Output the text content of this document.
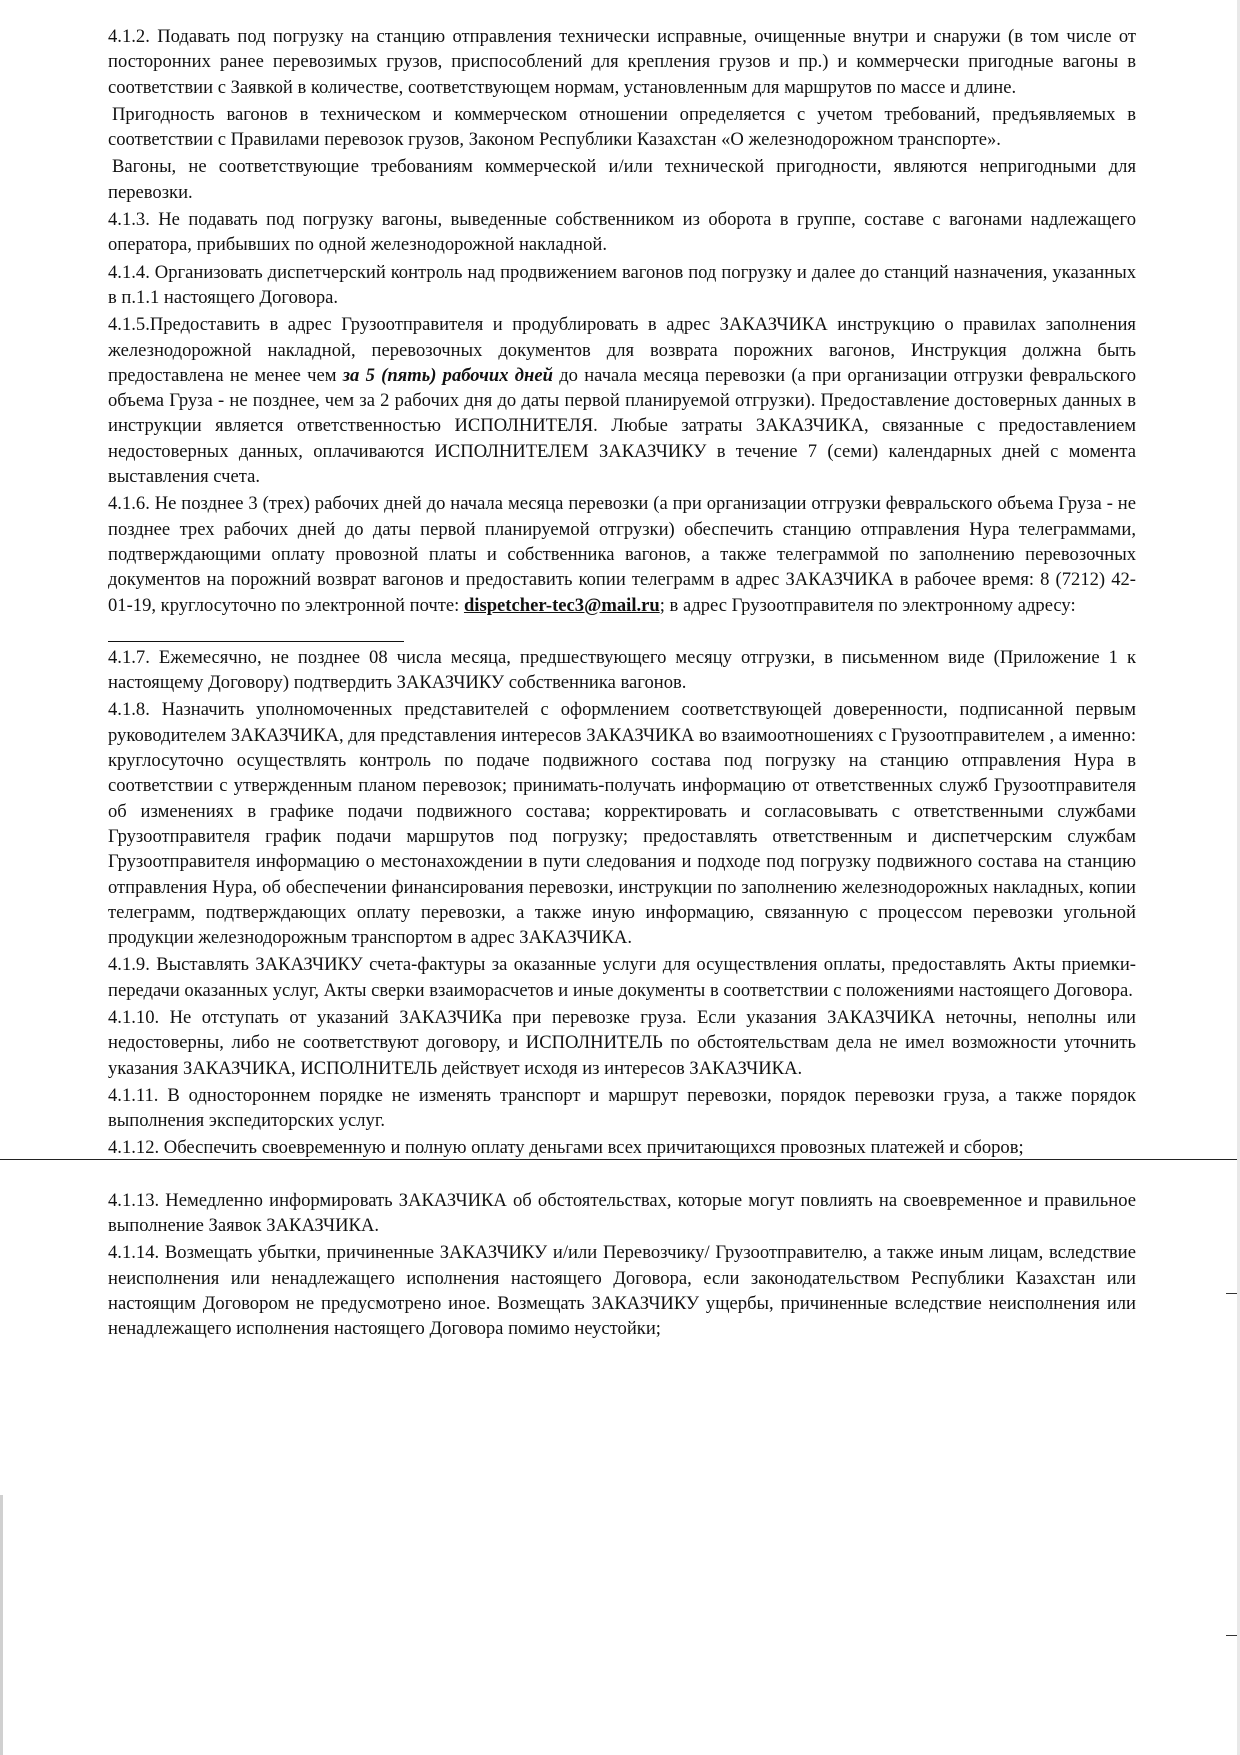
4.1.2. Подавать под погрузку на станцию отправления технически исправные, очищенные внутри и снаружи (в том числе от посторонних ранее перевозимых грузов, приспособлений для крепления грузов и пр.) и коммерчески пригодные вагоны в соответствии с Заявкой в количестве, соответствующем нормам, установленным для маршрутов по массе и длине.

Пригодность вагонов в техническом и коммерческом отношении определяется с учетом требований, предъявляемых в соответствии с Правилами перевозок грузов, Законом Республики Казахстан «О железнодорожном транспорте».

Вагоны, не соответствующие требованиям коммерческой и/или технической пригодности, являются непригодными для перевозки.

4.1.3. Не подавать под погрузку вагоны, выведенные собственником из оборота в группе, составе с вагонами надлежащего оператора, прибывших по одной железнодорожной накладной.

4.1.4. Организовать диспетчерский контроль над продвижением вагонов под погрузку и далее до станций назначения, указанных в п.1.1 настоящего Договора.

4.1.5.Предоставить в адрес Грузоотправителя и продублировать в адрес ЗАКАЗЧИКА инструкцию о правилах заполнения железнодорожной накладной, перевозочных документов для возврата порожних вагонов, Инструкция должна быть предоставлена не менее чем за 5 (пять) рабочих дней до начала месяца перевозки (а при организации отгрузки февральского объема Груза - не позднее, чем за 2 рабочих дня до даты первой планируемой отгрузки). Предоставление достоверных данных в инструкции является ответственностью ИСПОЛНИТЕЛЯ. Любые затраты ЗАКАЗЧИКА, связанные с предоставлением недостоверных данных, оплачиваются ИСПОЛНИТЕЛЕМ ЗАКАЗЧИКУ в течение 7 (семи) календарных дней с момента выставления счета.

4.1.6. Не позднее 3 (трех) рабочих дней до начала месяца перевозки (а при организации отгрузки февральского объема Груза - не позднее трех рабочих дней до даты первой планируемой отгрузки) обеспечить станцию отправления Нура телеграммами, подтверждающими оплату провозной платы и собственника вагонов, а также телеграммой по заполнению перевозочных документов на порожний возврат вагонов и предоставить копии телеграмм в адрес ЗАКАЗЧИКА в рабочее время: 8 (7212) 42-01-19, круглосуточно по электронной почте: dispetcher-tec3@mail.ru; в адрес Грузоотправителя по электронному адресу:

4.1.7. Ежемесячно, не позднее 08 числа месяца, предшествующего месяцу отгрузки, в письменном виде (Приложение 1 к настоящему Договору) подтвердить ЗАКАЗЧИКУ собственника вагонов.

4.1.8. Назначить уполномоченных представителей с оформлением соответствующей доверенности, подписанной первым руководителем ЗАКАЗЧИКА, для представления интересов ЗАКАЗЧИКА во взаимоотношениях с Грузоотправителем , а именно: круглосуточно осуществлять контроль по подаче подвижного состава под погрузку на станцию отправления Нура в соответствии с утвержденным планом перевозок; принимать-получать информацию от ответственных служб Грузоотправителя об изменениях в графике подачи подвижного состава; корректировать и согласовывать с ответственными службами Грузоотправителя график подачи маршрутов под погрузку; предоставлять ответственным и диспетчерским службам Грузоотправителя информацию о местонахождении в пути следования и подходе под погрузку подвижного состава на станцию отправления Нура, об обеспечении финансирования перевозки, инструкции по заполнению железнодорожных накладных, копии телеграмм, подтверждающих оплату перевозки, а также иную информацию, связанную с процессом перевозки угольной продукции железнодорожным транспортом в адрес ЗАКАЗЧИКА.

4.1.9. Выставлять ЗАКАЗЧИКУ счета-фактуры за оказанные услуги для осуществления оплаты, предоставлять Акты приемки-передачи оказанных услуг, Акты сверки взаиморасчетов и иные документы в соответствии с положениями настоящего Договора.

4.1.10. Не отступать от указаний ЗАКАЗЧИКа при перевозке груза. Если указания ЗАКАЗЧИКА неточны, неполны или недостоверны, либо не соответствуют договору, и ИСПОЛНИТЕЛЬ по обстоятельствам дела не имел возможности уточнить указания ЗАКАЗЧИКА, ИСПОЛНИТЕЛЬ действует исходя из интересов ЗАКАЗЧИКА.

4.1.11. В одностороннем порядке не изменять транспорт и маршрут перевозки, порядок перевозки груза, а также порядок выполнения экспедиторских услуг.

4.1.12. Обеспечить своевременную и полную оплату деньгами всех причитающихся провозных платежей и сборов;

4.1.13. Немедленно информировать ЗАКАЗЧИКА об обстоятельствах, которые могут повлиять на своевременное и правильное выполнение Заявок ЗАКАЗЧИКА.

4.1.14. Возмещать убытки, причиненные ЗАКАЗЧИКУ и/или Перевозчику/ Грузоотправителю, а также иным лицам, вследствие неисполнения или ненадлежащего исполнения настоящего Договора, если законодательством Республики Казахстан или настоящим Договором не предусмотрено иное. Возмещать ЗАКАЗЧИКУ ущербы, причиненные вследствие неисполнения или ненадлежащего исполнения настоящего Договора помимо неустойки;
